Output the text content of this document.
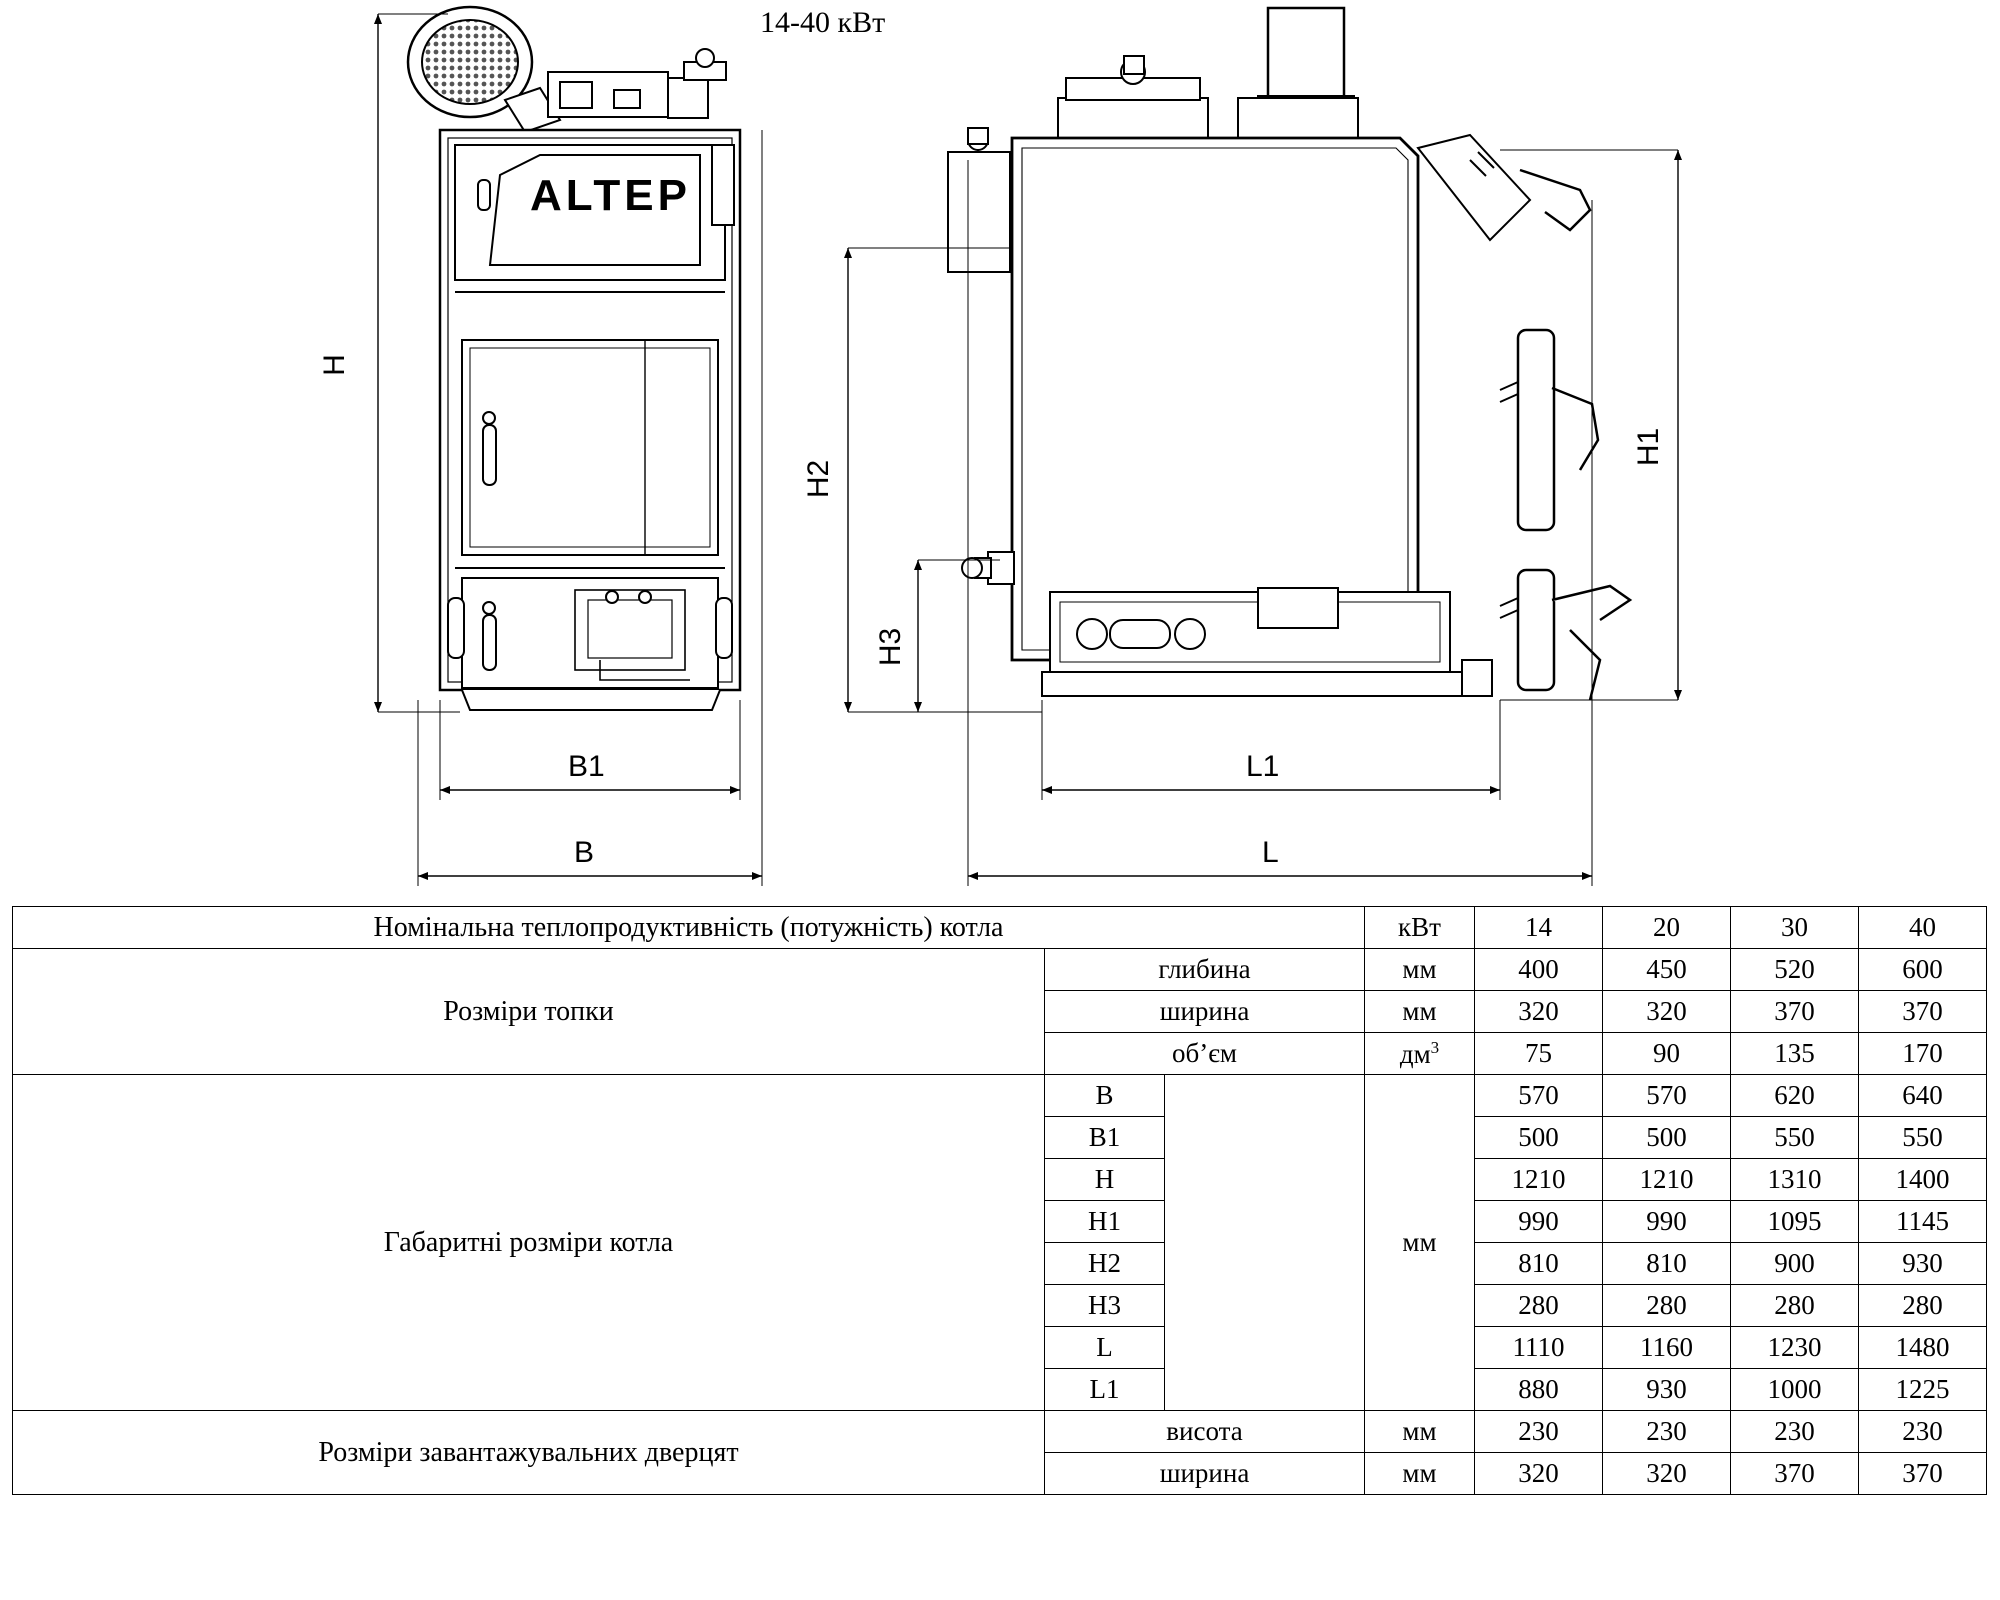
14-40 кВт
ALTEP
H
B1
B
H2
H3
H1
L1
L
Номінальна теплопродуктивність (потужність) котла			кВт	14	20	30	40
Розміри топки	глибина		мм	400	450	520	600
	ширина		мм	320	320	370	370
	об’єм		$дм^3$	75	90	135	170
Габаритні розміри котла	B		мм	570	570	620	640
	B1			500	500	550	550
	H			1210	1210	1310	1400
	H1			990	990	1095	1145
	H2			810	810	900	930
	H3			280	280	280	280
	L			1110	1160	1230	1480
	L1			880	930	1000	1225
Розміри завантажувальних дверцят	висота		мм	230	230	230	230
	ширина		мм	320	320	370	370
